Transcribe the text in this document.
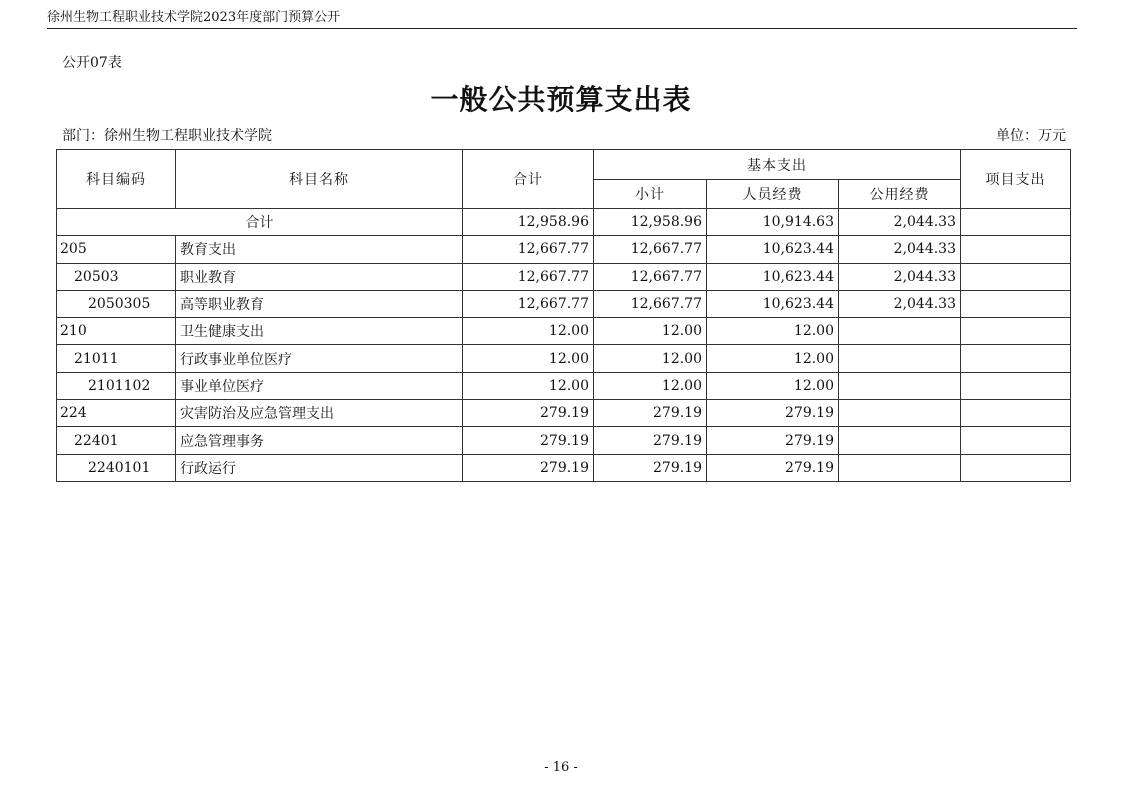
徐州生物工程职业技术学院2023年度部门预算公开
公开07表
一般公共预算支出表
部门：徐州生物工程职业技术学院	单位：万元
科目编码	科目名称	合计	基本支出			项目支出
			小计	人员经费	公用经费	
合计		12,958.96	12,958.96	10,914.63	2,044.33	
205	教育支出	12,667.77	12,667.77	10,623.44	2,044.33	
20503	职业教育	12,667.77	12,667.77	10,623.44	2,044.33	
2050305	高等职业教育	12,667.77	12,667.77	10,623.44	2,044.33	
210	卫生健康支出	12.00	12.00	12.00		
21011	行政事业单位医疗	12.00	12.00	12.00		
2101102	事业单位医疗	12.00	12.00	12.00		
224	灾害防治及应急管理支出	279.19	279.19	279.19		
22401	应急管理事务	279.19	279.19	279.19		
2240101	行政运行	279.19	279.19	279.19		
- 16 -
